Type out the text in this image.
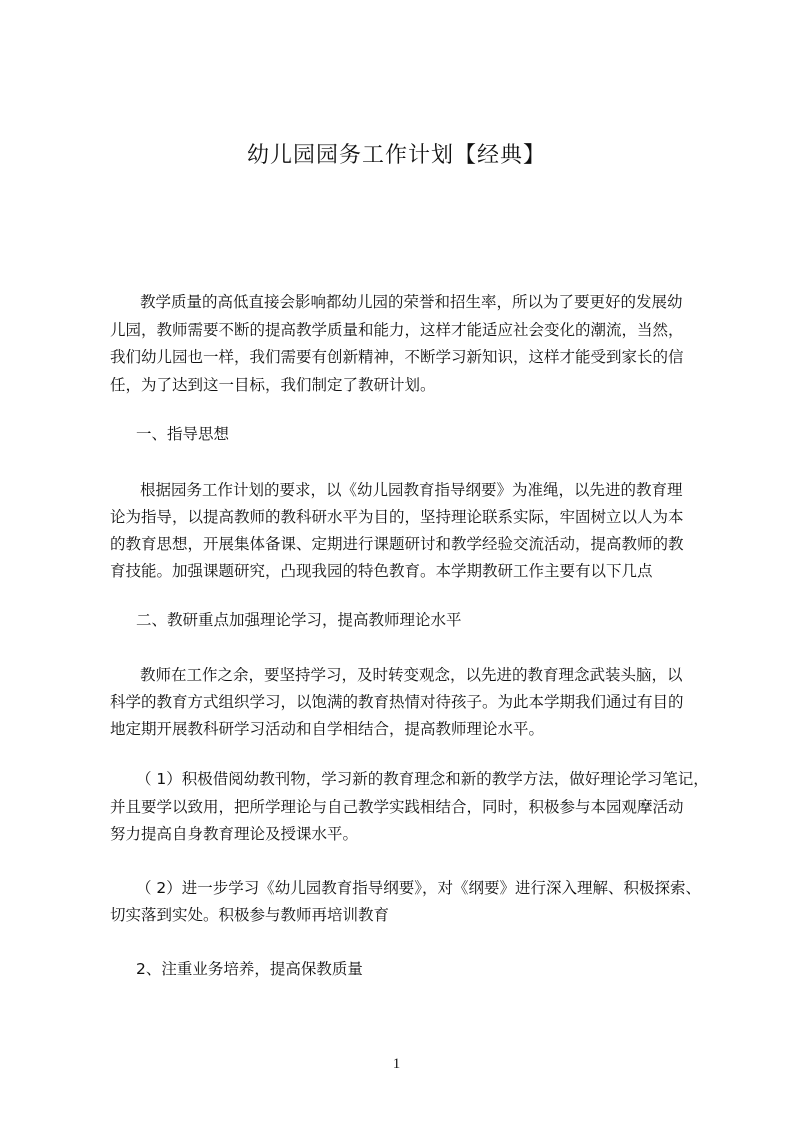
幼儿园园务工作计划【经典】
教学质量的高低直接会影响都幼儿园的荣誉和招生率，所以为了要更好的发展幼
儿园，教师需要不断的提高教学质量和能力，这样才能适应社会变化的潮流，当然，
我们幼儿园也一样，我们需要有创新精神，不断学习新知识，这样才能受到家长的信
任，为了达到这一目标，我们制定了教研计划。
一、指导思想
根据园务工作计划的要求，以《幼儿园教育指导纲要》为准绳，以先进的教育理
论为指导，以提高教师的教科研水平为目的，坚持理论联系实际，牢固树立以人为本
的教育思想，开展集体备课、定期进行课题研讨和教学经验交流活动，提高教师的教
育技能。加强课题研究，凸现我园的特色教育。本学期教研工作主要有以下几点
二、教研重点加强理论学习，提高教师理论水平
教师在工作之余，要坚持学习，及时转变观念，以先进的教育理念武装头脑，以
科学的教育方式组织学习，以饱满的教育热情对待孩子。为此本学期我们通过有目的
地定期开展教科研学习活动和自学相结合，提高教师理论水平。
（ 1）积极借阅幼教刊物，学习新的教育理念和新的教学方法，做好理论学习笔记，
并且要学以致用，把所学理论与自己教学实践相结合，同时，积极参与本园观摩活动
努力提高自身教育理论及授课水平。
（ 2）进一步学习《幼儿园教育指导纲要》，对《纲要》进行深入理解、积极探索、
切实落到实处。积极参与教师再培训教育
2、注重业务培养，提高保教质量
1
